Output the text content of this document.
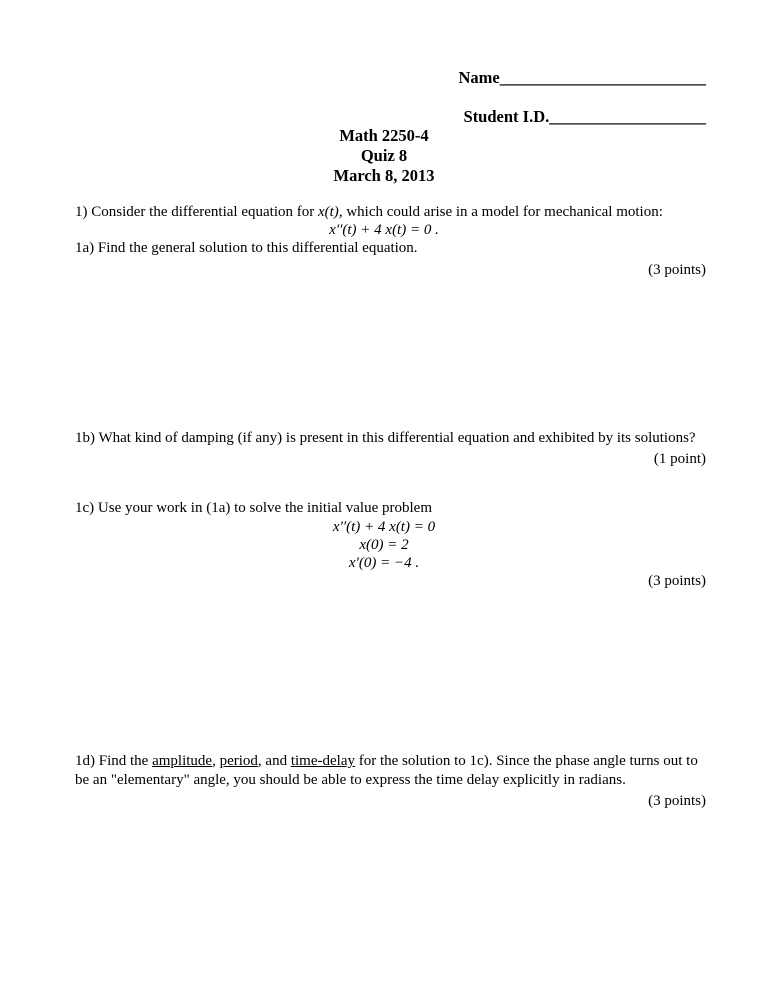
Name_________________________
Student I.D.___________________
Math 2250-4
Quiz 8
March 8, 2013
1) Consider the differential equation for x(t), which could arise in a model for mechanical motion:
x′′(t) + 4 x(t) = 0 .
1a) Find the general solution to this differential equation.
(3 points)
1b) What kind of damping (if any) is present in this differential equation and exhibited by its solutions?
(1 point)
1c) Use your work in (1a) to solve the initial value problem
x′′(t) + 4 x(t) = 0
x(0) = 2
x′(0) = −4 .
(3 points)
1d) Find the amplitude, period, and time-delay for the solution to 1c). Since the phase angle turns out to
be an "elementary" angle, you should be able to express the time delay explicitly in radians.
(3 points)
